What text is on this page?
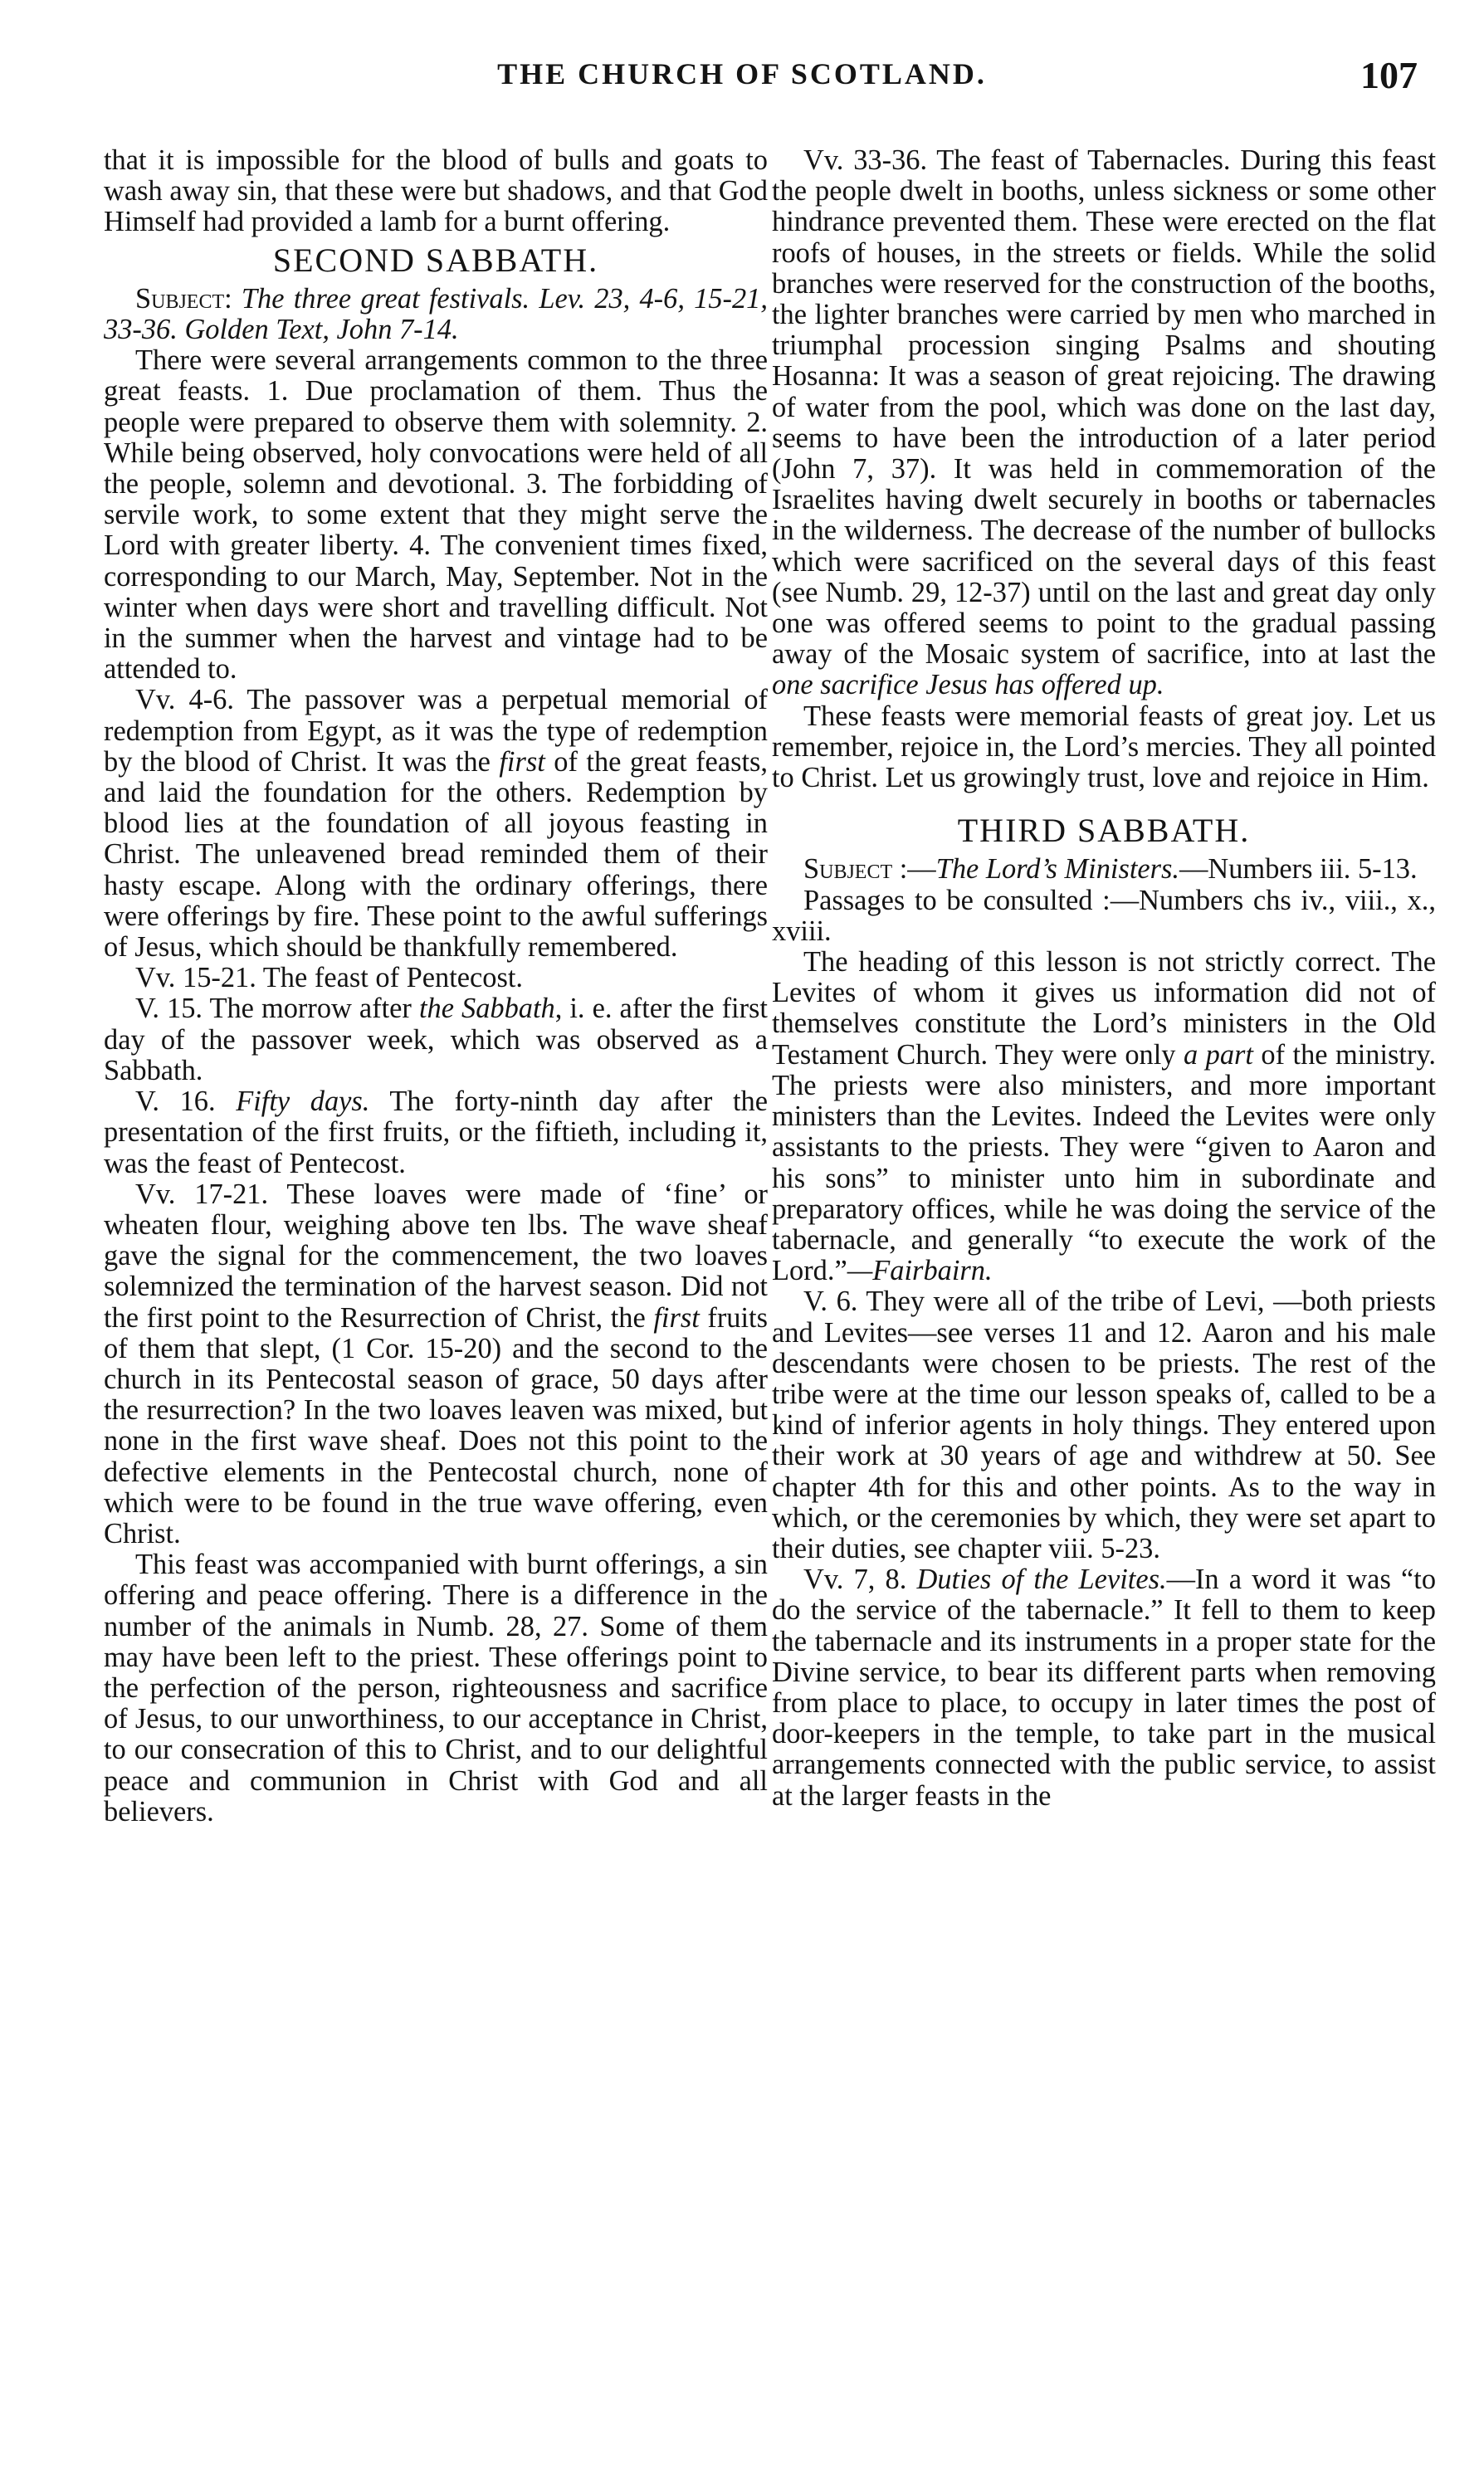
THE CHURCH OF SCOTLAND.	107

that it is impossible for the blood of bulls and goats to wash away sin, that these were but shadows, and that God Himself had provided a lamb for a burnt offering.

SECOND SABBATH.

Subject: The three great festivals. Lev. 23, 4-6, 15-21, 33-36. Golden Text, John 7-14.

There were several arrangements common to the three great feasts. 1. Due proclamation of them. Thus the people were prepared to observe them with solemnity. 2. While being observed, holy convocations were held of all the people, solemn and devotional. 3. The forbidding of servile work, to some extent that they might serve the Lord with greater liberty. 4. The convenient times fixed, corresponding to our March, May, September. Not in the winter when days were short and travelling difficult. Not in the summer when the harvest and vintage had to be attended to.

Vv. 4-6. The passover was a perpetual memorial of redemption from Egypt, as it was the type of redemption by the blood of Christ. It was the first of the great feasts, and laid the foundation for the others. Redemption by blood lies at the foundation of all joyous feasting in Christ. The unleavened bread reminded them of their hasty escape. Along with the ordinary offerings, there were offerings by fire. These point to the awful sufferings of Jesus, which should be thankfully remembered.

Vv. 15-21. The feast of Pentecost.

V. 15. The morrow after the Sabbath, i. e. after the first day of the passover week, which was observed as a Sabbath.

V. 16. Fifty days. The forty-ninth day after the presentation of the first fruits, or the fiftieth, including it, was the feast of Pentecost.

Vv. 17-21. These loaves were made of ‘fine’ or wheaten flour, weighing above ten lbs. The wave sheaf gave the signal for the commencement, the two loaves solemnized the termination of the harvest season. Did not the first point to the Resurrection of Christ, the first fruits of them that slept, (1 Cor. 15-20) and the second to the church in its Pentecostal season of grace, 50 days after the resurrection? In the two loaves leaven was mixed, but none in the first wave sheaf. Does not this point to the defective elements in the Pentecostal church, none of which were to be found in the true wave offering, even Christ.

This feast was accompanied with burnt offerings, a sin offering and peace offering. There is a difference in the number of the animals in Numb. 28, 27. Some of them may have been left to the priest. These offerings point to the perfection of the person, righteousness and sacrifice of Jesus, to our unworthiness, to our acceptance in Christ, to our consecration of this to Christ, and to our delightful peace and communion in Christ with God and all believers.

Vv. 33-36. The feast of Tabernacles. During this feast the people dwelt in booths, unless sickness or some other hindrance prevented them. These were erected on the flat roofs of houses, in the streets or fields. While the solid branches were reserved for the construction of the booths, the lighter branches were carried by men who marched in triumphal procession singing Psalms and shouting Hosanna: It was a season of great rejoicing. The drawing of water from the pool, which was done on the last day, seems to have been the introduction of a later period (John 7, 37). It was held in commemoration of the Israelites having dwelt securely in booths or tabernacles in the wilderness. The decrease of the number of bullocks which were sacrificed on the several days of this feast (see Numb. 29, 12-37) until on the last and great day only one was offered seems to point to the gradual passing away of the Mosaic system of sacrifice, into at last the one sacrifice Jesus has offered up.

These feasts were memorial feasts of great joy. Let us remember, rejoice in, the Lord’s mercies. They all pointed to Christ. Let us growingly trust, love and rejoice in Him.

THIRD SABBATH.

Subject :—The Lord’s Ministers.—Numbers iii. 5-13.

Passages to be consulted :—Numbers chs iv., viii., x., xviii.

The heading of this lesson is not strictly correct. The Levites of whom it gives us information did not of themselves constitute the Lord’s ministers in the Old Testament Church. They were only a part of the ministry. The priests were also ministers, and more important ministers than the Levites. Indeed the Levites were only assistants to the priests. They were “given to Aaron and his sons” to minister unto him in subordinate and preparatory offices, while he was doing the service of the tabernacle, and generally “to execute the work of the Lord.”—Fairbairn.

V. 6. They were all of the tribe of Levi, —both priests and Levites—see verses 11 and 12. Aaron and his male descendants were chosen to be priests. The rest of the tribe were at the time our lesson speaks of, called to be a kind of inferior agents in holy things. They entered upon their work at 30 years of age and withdrew at 50. See chapter 4th for this and other points. As to the way in which, or the ceremonies by which, they were set apart to their duties, see chapter viii. 5-23.

Vv. 7, 8. Duties of the Levites.—In a word it was “to do the service of the tabernacle.” It fell to them to keep the tabernacle and its instruments in a proper state for the Divine service, to bear its different parts when removing from place to place, to occupy in later times the post of door-keepers in the temple, to take part in the musical arrangements connected with the public service, to assist at the larger feasts in the
